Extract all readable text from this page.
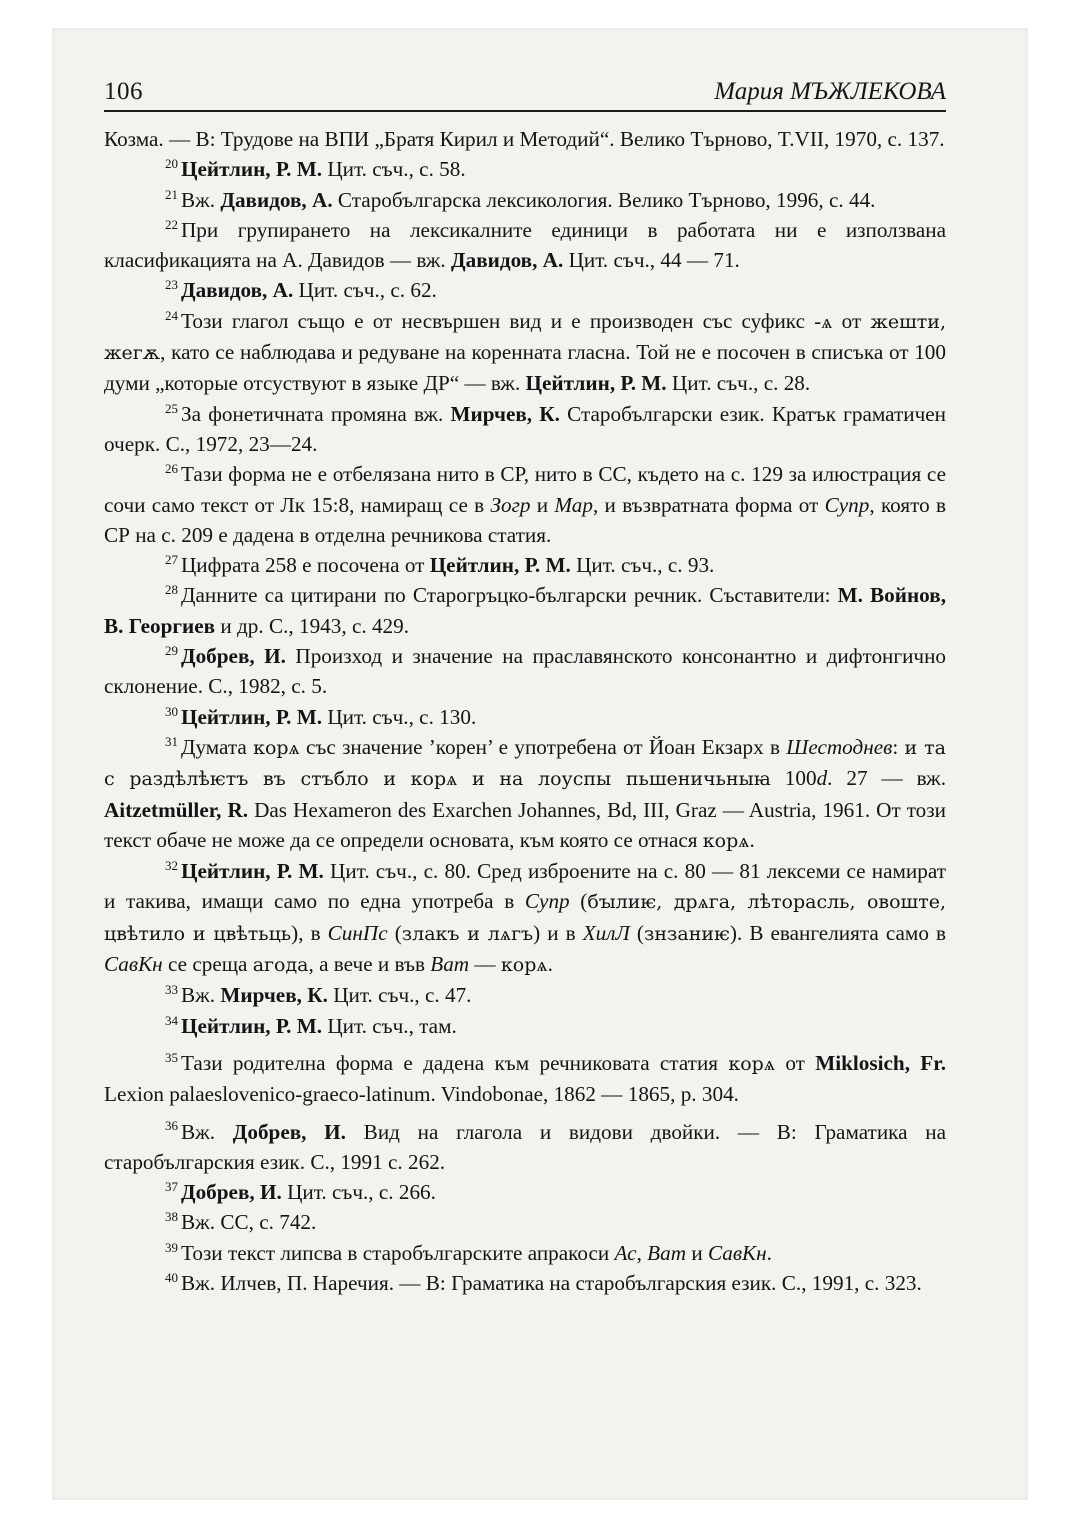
106	Мария МЪЖЛЕКОВА

Козма. — В: Трудове на ВПИ „Братя Кирил и Методий“. Велико Търново, T.VII, 1970, с. 137.

$^{20}$ Цейтлин, Р. М. Цит. съч., с. 58.

$^{21}$ Вж. Давидов, А. Старобългарска лексикология. Велико Търново, 1996, с. 44.

$^{22}$ При групирането на лексикалните единици в работата ни е използвана класификацията на А. Давидов — вж. Давидов, А. Цит. съч., 44 — 71.

$^{23}$ Давидов, А. Цит. съч., с. 62.

$^{24}$ Този глагол също е от несвършен вид и е производен със суфикс -ѧ от жешти, жегѫ, като се наблюдава и редуване на коренната гласна. Той не е посочен в списъка от 100 думи „которые отсуствуют в языке ДР“ — вж. Цейтлин, Р. М. Цит. съч., с. 28.

$^{25}$ За фонетичната промяна вж. Мирчев, К. Старобългарски език. Кратък граматичен очерк. С., 1972, 23—24.

$^{26}$ Тази форма не е отбелязана нито в СР, нито в СС, където на с. 129 за илюстрация се сочи само текст от Лк 15:8, намиращ се в Зогр и Мар, и възвратната форма от Супр, която в СР на с. 209 е дадена в отделна речникова статия.

$^{27}$ Цифрата 258 е посочена от Цейтлин, Р. М. Цит. съч., с. 93.

$^{28}$ Данните са цитирани по Старогръцко-български речник. Съставители: М. Войнов, В. Георгиев и др. С., 1943, с. 429.

$^{29}$ Добрев, И. Произход и значение на праславянското консонантно и дифтонгично склонение. С., 1982, с. 5.

$^{30}$ Цейтлин, Р. М. Цит. съч., с. 130.

$^{31}$ Думата корѧ със значение ’корен’ е употребена от Йоан Екзарх в Шестоднев: и та с раздѣлѣѥтъ въ стъбло и корѧ и на лоуспы пьшеничьныꙗ 100d. 27 — вж. Aitzetmüller, R. Das Hexameron des Exarchen Johannes, Bd, III, Graz — Austria, 1961. От този текст обаче не може да се определи основата, към която се отнася корѧ.

$^{32}$ Цейтлин, Р. М. Цит. съч., с. 80. Сред изброените на с. 80 — 81 лексеми се намират и такива, имащи само по една употреба в Супр (бꙑлиѥ, дрѧга, лѣторасль, овоште, цвѣтило и цвѣтьць), в СинПс (злакъ и лѧгъ) и в ХилЛ (знзаниѥ). В евангелията само в СавКн се среща агода, а вече и във Ват — корѧ.

$^{33}$ Вж. Мирчев, К. Цит. съч., с. 47.

$^{34}$ Цейтлин, Р. М. Цит. съч., там.

$^{35}$ Тази родителна форма е дадена към речниковата статия корѧ от Miklosich, Fr. Lexion palaeslovenico-graeco-latinum. Vindobonae, 1862 — 1865, p. 304.

$^{36}$ Вж. Добрев, И. Вид на глагола и видови двойки. — В: Граматика на старобългарския език. С., 1991 с. 262.

$^{37}$ Добрев, И. Цит. съч., с. 266.

$^{38}$ Вж. СС, с. 742.

$^{39}$ Този текст липсва в старобългарските апракоси Ас, Ват и СавКн.

$^{40}$ Вж. Илчев, П. Наречия. — В: Граматика на старобългарския език. С., 1991, с. 323.
